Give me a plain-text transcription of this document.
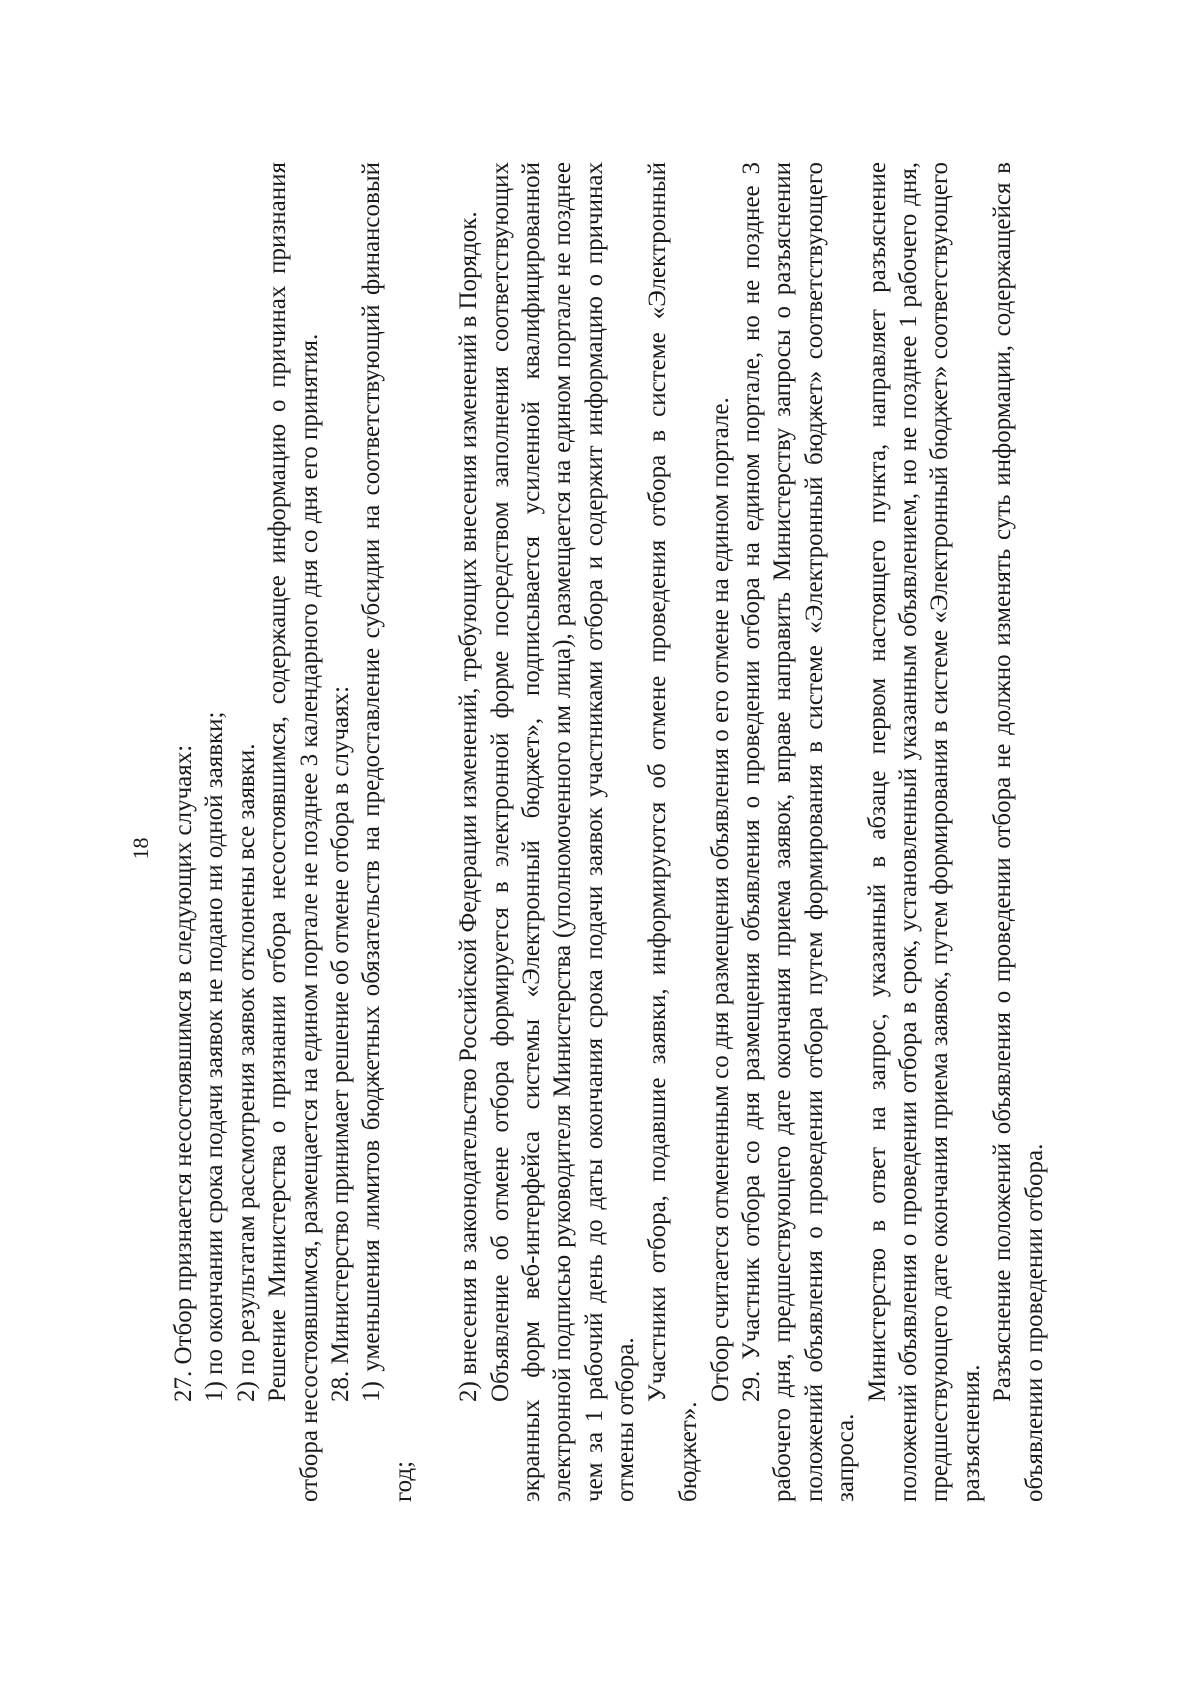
18 27. Отбор признается несостоявшимся в следующих случаях: 1) по окончании срока подачи заявок не подано ни одной заявки; 2) по результатам рассмотрения заявок отклонены все заявки. Решение Министерства о признании отбора несостоявшимся, содержащее информацию о причинах признания отбора несостоявшимся, размещается на едином портале не позднее 3 календарного дня со дня его принятия. 28. Министерство принимает решение об отмене отбора в случаях: 1) уменьшения лимитов бюджетных обязательств на предоставление субсидии на соответствующий финансовый год;

2) внесения в законодательство Российской Федерации изменений, требующих внесения изменений в Порядок. Объявление об отмене отбора формируется в электронной форме посредством заполнения соответствующих экранных форм веб-интерфейса системы «Электронный бюджет», подписывается усиленной квалифицированной электронной подписью руководителя Министерства (уполномоченного им лица), размещается на едином портале не позднее чем за 1 рабочий день до даты окончания срока подачи заявок участниками отбора и содержит информацию о причинах отмены отбора.

Участники отбора, подавшие заявки, информируются об отмене проведения отбора в системе «Электронный бюджет».

Отбор считается отмененным со дня размещения объявления о его отмене на едином портале. 29. Участник отбора со дня размещения объявления о проведении отбора на едином портале, но не позднее 3 рабочего дня, предшествующего дате окончания приема заявок, вправе направить Министерству запросы о разъяснении положений объявления о проведении отбора путем формирования в системе «Электронный бюджет» соответствующего запроса.

Министерство в ответ на запрос, указанный в абзаце первом настоящего пункта, направляет разъяснение положений объявления о проведении отбора в срок, установленный указанным объявлением, но не позднее 1 рабочего дня, предшествующего дате окончания приема заявок, путем формирования в системе «Электронный бюджет» соответствующего разъяснения.

Разъяснение положений объявления о проведении отбора не должно изменять суть информации, содержащейся в объявлении о проведении отбора.
